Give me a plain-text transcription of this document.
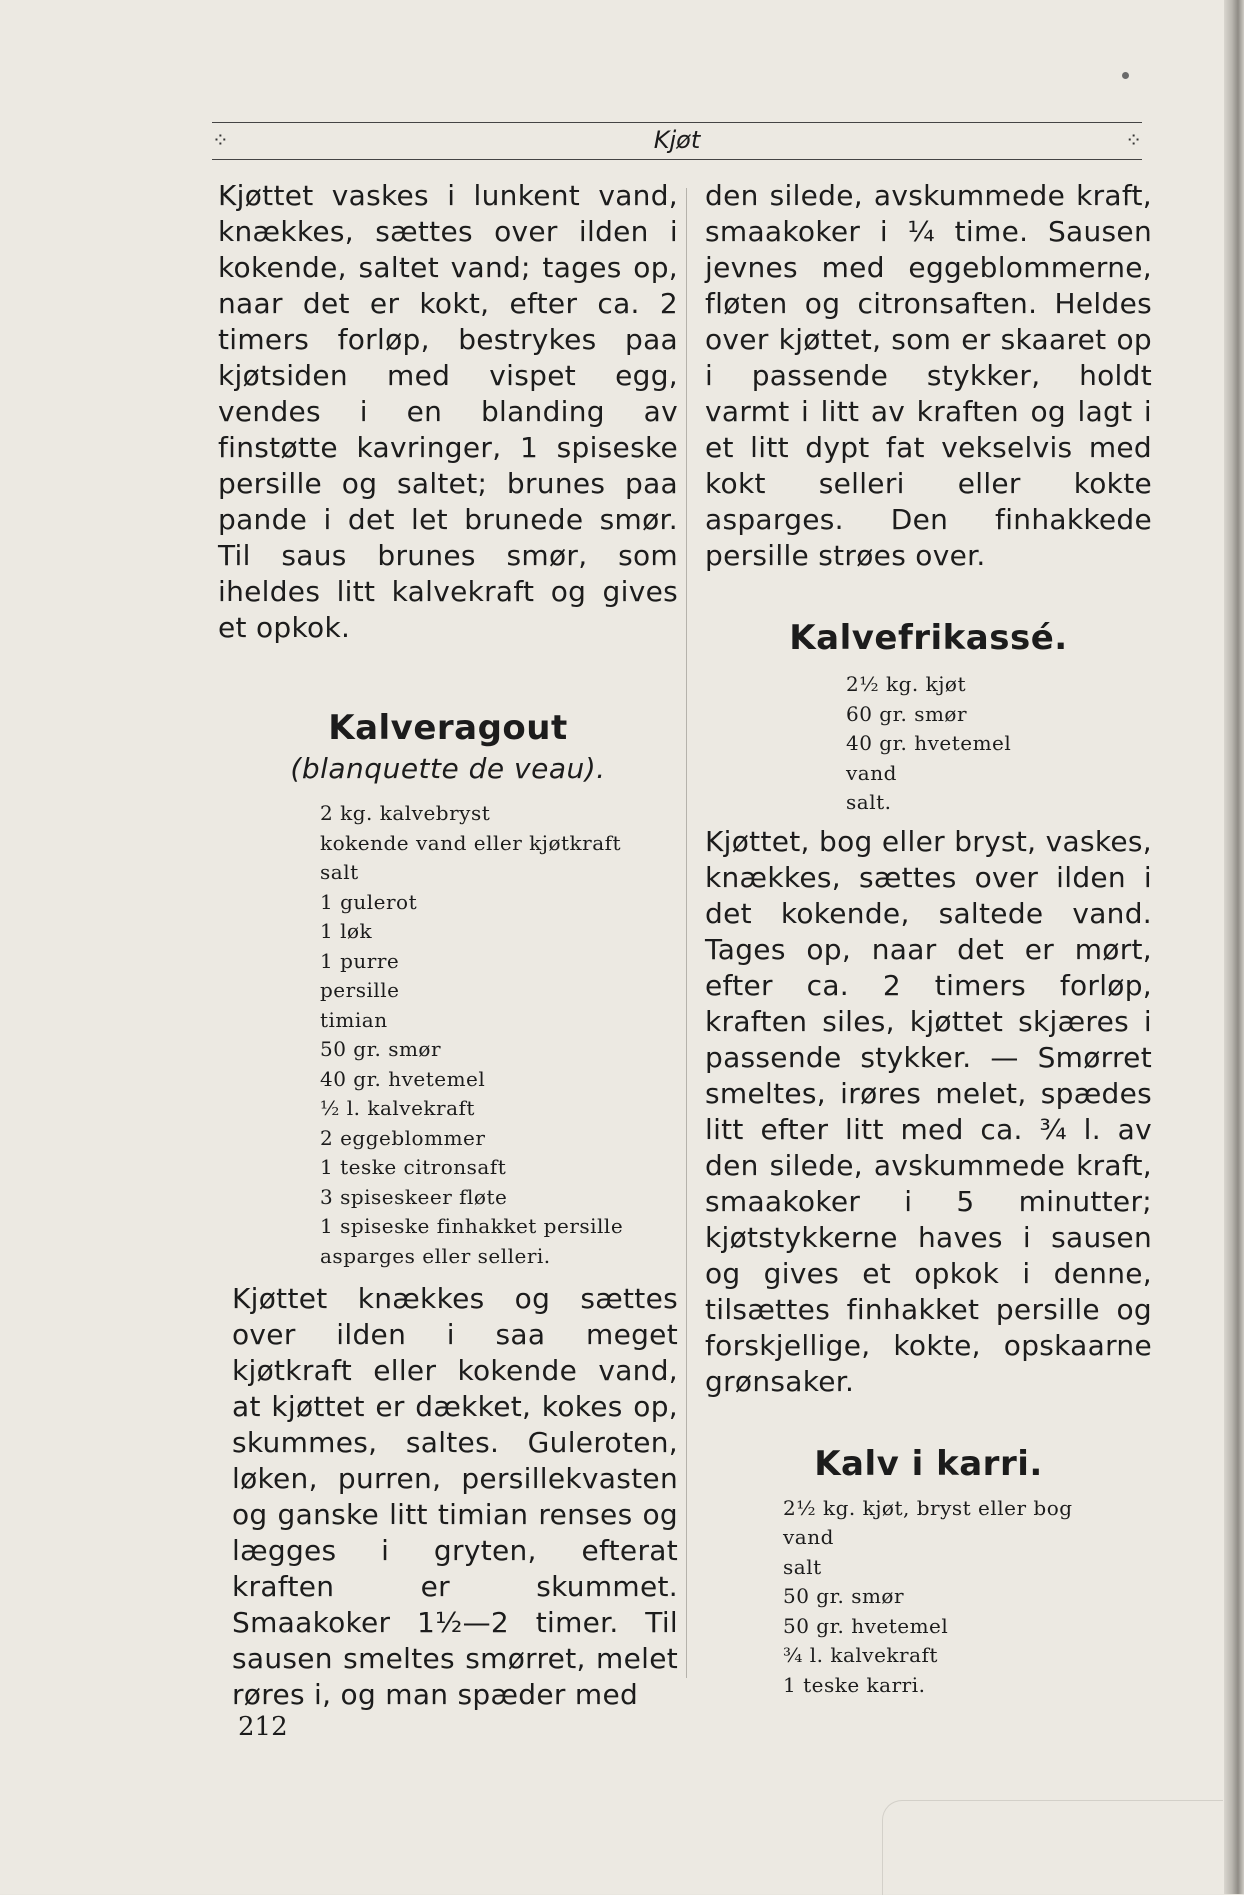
⁘	Kjøt	⁘

Kjøttet vaskes i lunkent vand, knækkes, sættes over ilden i kokende, saltet vand; tages op, naar det er kokt, efter ca. 2 timers forløp, bestrykes paa kjøtsiden med vispet egg, vendes i en blanding av finstøtte kavringer, 1 spiseske persille og saltet; brunes paa pande i det let brunede smør. Til saus brunes smør, som iheldes litt kalvekraft og gives et opkok.

Kalveragout
(blanquette de veau).
2 kg. kalvebryst
kokende vand eller kjøtkraft
salt
1 gulerot
1 løk
1 purre
persille
timian
50 gr. smør
40 gr. hvetemel
½ l. kalvekraft
2 eggeblommer
1 teske citronsaft
3 spiseskeer fløte
1 spiseske finhakket persille
asparges eller selleri.

Kjøttet knækkes og sættes over ilden i saa meget kjøtkraft eller kokende vand, at kjøttet er dækket, kokes op, skummes, saltes. Guleroten, løken, purren, persillekvasten og ganske litt timian renses og lægges i gryten, efterat kraften er skummet. Smaakoker 1½—2 timer. Til sausen smeltes smørret, melet røres i, og man spæder med

den silede, avskummede kraft, smaakoker i ¼ time. Sausen jevnes med eggeblommerne, fløten og citronsaften. Heldes over kjøttet, som er skaaret op i passende stykker, holdt varmt i litt av kraften og lagt i et litt dypt fat vekselvis med kokt selleri eller kokte asparges. Den finhakkede persille strøes over.

Kalvefrikassé.
2½ kg. kjøt
60 gr. smør
40 gr. hvetemel
vand
salt.

Kjøttet, bog eller bryst, vaskes, knækkes, sættes over ilden i det kokende, saltede vand. Tages op, naar det er mørt, efter ca. 2 timers forløp, kraften siles, kjøttet skjæres i passende stykker. — Smørret smeltes, irøres melet, spædes litt efter litt med ca. ¾ l. av den silede, avskummede kraft, smaakoker i 5 minutter; kjøtstykkerne haves i sausen og gives et opkok i denne, tilsættes finhakket persille og forskjellige, kokte, opskaarne grønsaker.

Kalv i karri.
2½ kg. kjøt, bryst eller bog
vand
salt
50 gr. smør
50 gr. hvetemel
¾ l. kalvekraft
1 teske karri.
212
